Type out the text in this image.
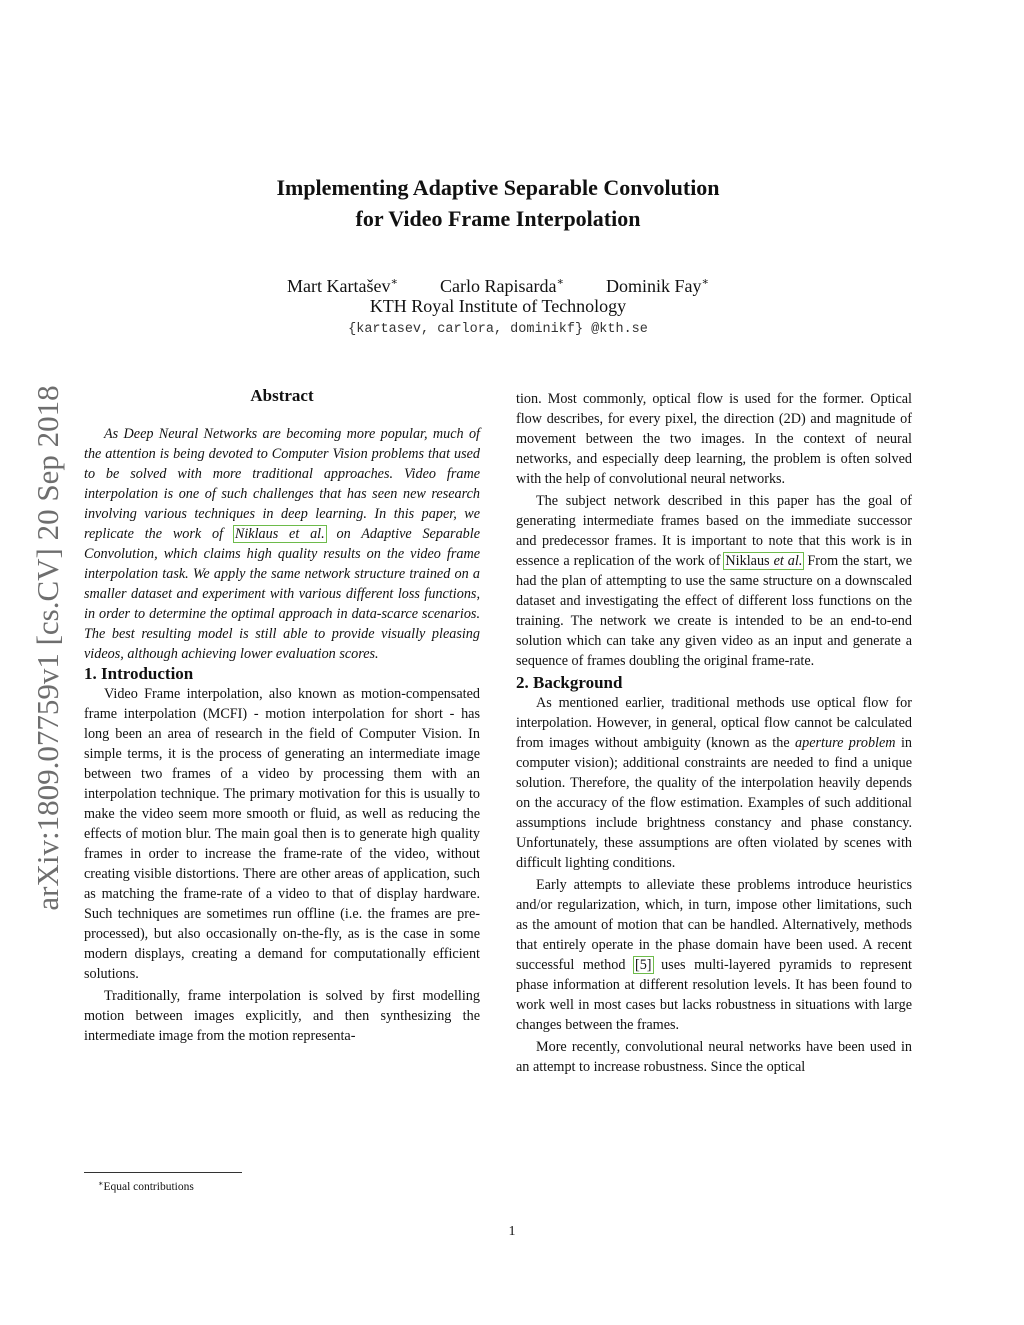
arXiv:1809.07759v1 [cs.CV] 20 Sep 2018
Implementing Adaptive Separable Convolution
for Video Frame Interpolation
Mart Kartašev∗ Carlo Rapisarda∗ Dominik Fay∗
KTH Royal Institute of Technology
{kartasev, carlora, dominikf} @kth.se
Abstract

As Deep Neural Networks are becoming more popular, much of the attention is being devoted to Computer Vision problems that used to be solved with more traditional approaches. Video frame interpolation is one of such challenges that has seen new research involving various techniques in deep learning. In this paper, we replicate the work of Niklaus et al. on Adaptive Separable Convolution, which claims high quality results on the video frame interpolation task. We apply the same network structure trained on a smaller dataset and experiment with various different loss functions, in order to determine the optimal approach in data-scarce scenarios. The best resulting model is still able to provide visually pleasing videos, although achieving lower evaluation scores.

1. Introduction

Video Frame interpolation, also known as motion-compensated frame interpolation (MCFI) - motion interpolation for short - has long been an area of research in the field of Computer Vision. In simple terms, it is the process of generating an intermediate image between two frames of a video by processing them with an interpolation technique. The primary motivation for this is usually to make the video seem more smooth or fluid, as well as reducing the effects of motion blur. The main goal then is to generate high quality frames in order to increase the frame-rate of the video, without creating visible distortions. There are other areas of application, such as matching the frame-rate of a video to that of display hardware. Such techniques are sometimes run offline (i.e. the frames are pre-processed), but also occasionally on-the-fly, as is the case in some modern displays, creating a demand for computationally efficient solutions.

Traditionally, frame interpolation is solved by first modelling motion between images explicitly, and then synthesizing the intermediate image from the motion representa-

tion. Most commonly, optical flow is used for the former. Optical flow describes, for every pixel, the direction (2D) and magnitude of movement between the two images. In the context of neural networks, and especially deep learning, the problem is often solved with the help of convolutional neural networks.

The subject network described in this paper has the goal of generating intermediate frames based on the immediate successor and predecessor frames. It is important to note that this work is in essence a replication of the work of Niklaus et al. From the start, we had the plan of attempting to use the same structure on a downscaled dataset and investigating the effect of different loss functions on the training. The network we create is intended to be an end-to-end solution which can take any given video as an input and generate a sequence of frames doubling the original frame-rate.

2. Background

As mentioned earlier, traditional methods use optical flow for interpolation. However, in general, optical flow cannot be calculated from images without ambiguity (known as the aperture problem in computer vision); additional constraints are needed to find a unique solution. Therefore, the quality of the interpolation heavily depends on the accuracy of the flow estimation. Examples of such additional assumptions include brightness constancy and phase constancy. Unfortunately, these assumptions are often violated by scenes with difficult lighting conditions.

Early attempts to alleviate these problems introduce heuristics and/or regularization, which, in turn, impose other limitations, such as the amount of motion that can be handled. Alternatively, methods that entirely operate in the phase domain have been used. A recent successful method [5] uses multi-layered pyramids to represent phase information at different resolution levels. It has been found to work well in most cases but lacks robustness in situations with large changes between the frames.

More recently, convolutional neural networks have been used in an attempt to increase robustness. Since the optical

∗Equal contributions
1
